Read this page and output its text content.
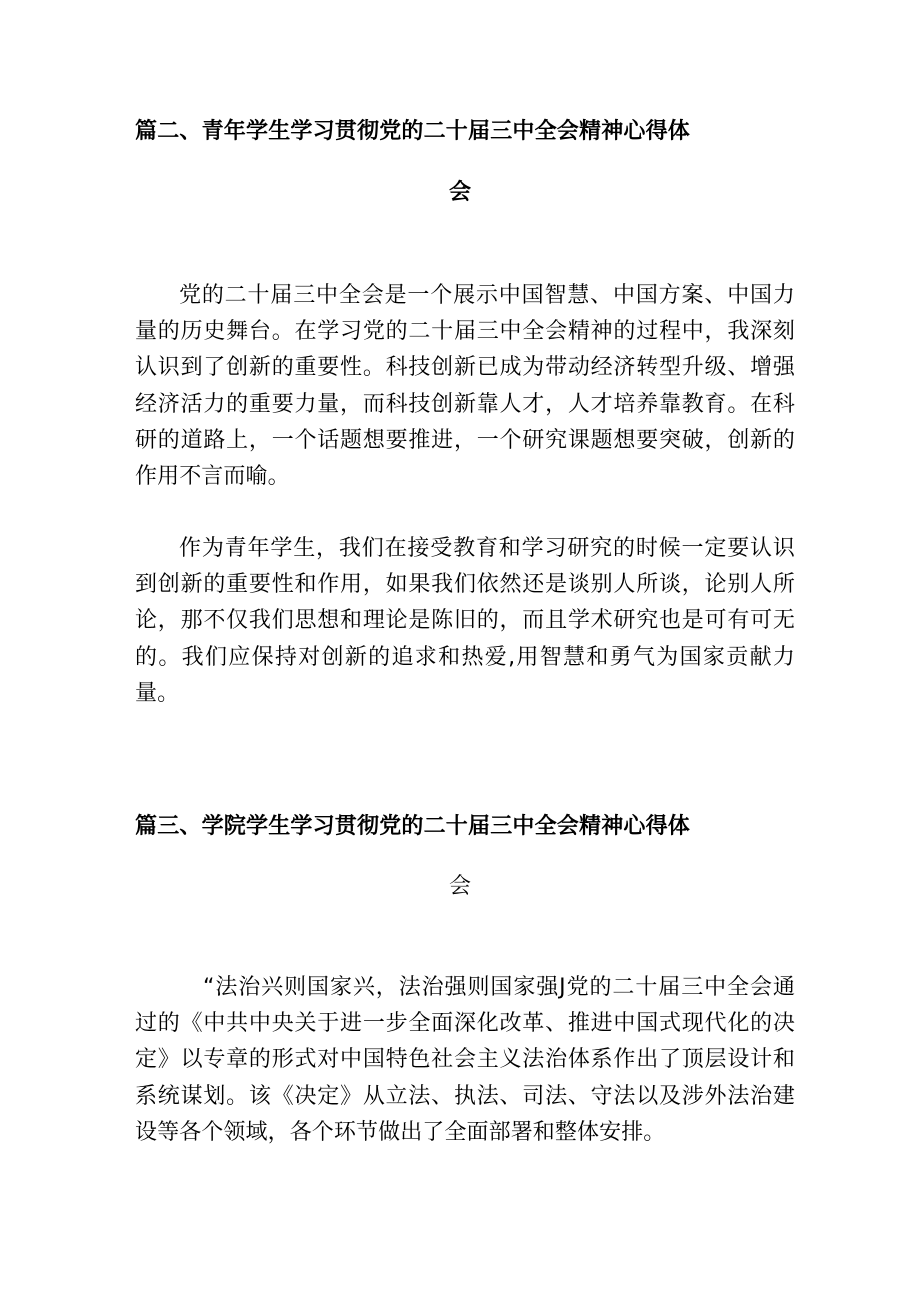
篇二、青年学生学习贯彻党的二十届三中全会精神心得体
会

党的二十届三中全会是一个展示中国智慧、中国方案、中国力量的历史舞台。在学习党的二十届三中全会精神的过程中，我深刻认识到了创新的重要性。科技创新已成为带动经济转型升级、增强经济活力的重要力量，而科技创新靠人才，人才培养靠教育。在科研的道路上，一个话题想要推进，一个研究课题想要突破，创新的作用不言而喻。

作为青年学生，我们在接受教育和学习研究的时候一定要认识到创新的重要性和作用，如果我们依然还是谈别人所谈，论别人所论，那不仅我们思想和理论是陈旧的，而且学术研究也是可有可无的。我们应保持对创新的追求和热爱,用智慧和勇气为国家贡献力量。

篇三、学院学生学习贯彻党的二十届三中全会精神心得体
会

“法治兴则国家兴，法治强则国家强J党的二十届三中全会通过的《中共中央关于进一步全面深化改革、推进中国式现代化的决定》以专章的形式对中国特色社会主义法治体系作出了顶层设计和系统谋划。该《决定》从立法、执法、司法、守法以及涉外法治建设等各个领域，各个环节做出了全面部署和整体安排。
